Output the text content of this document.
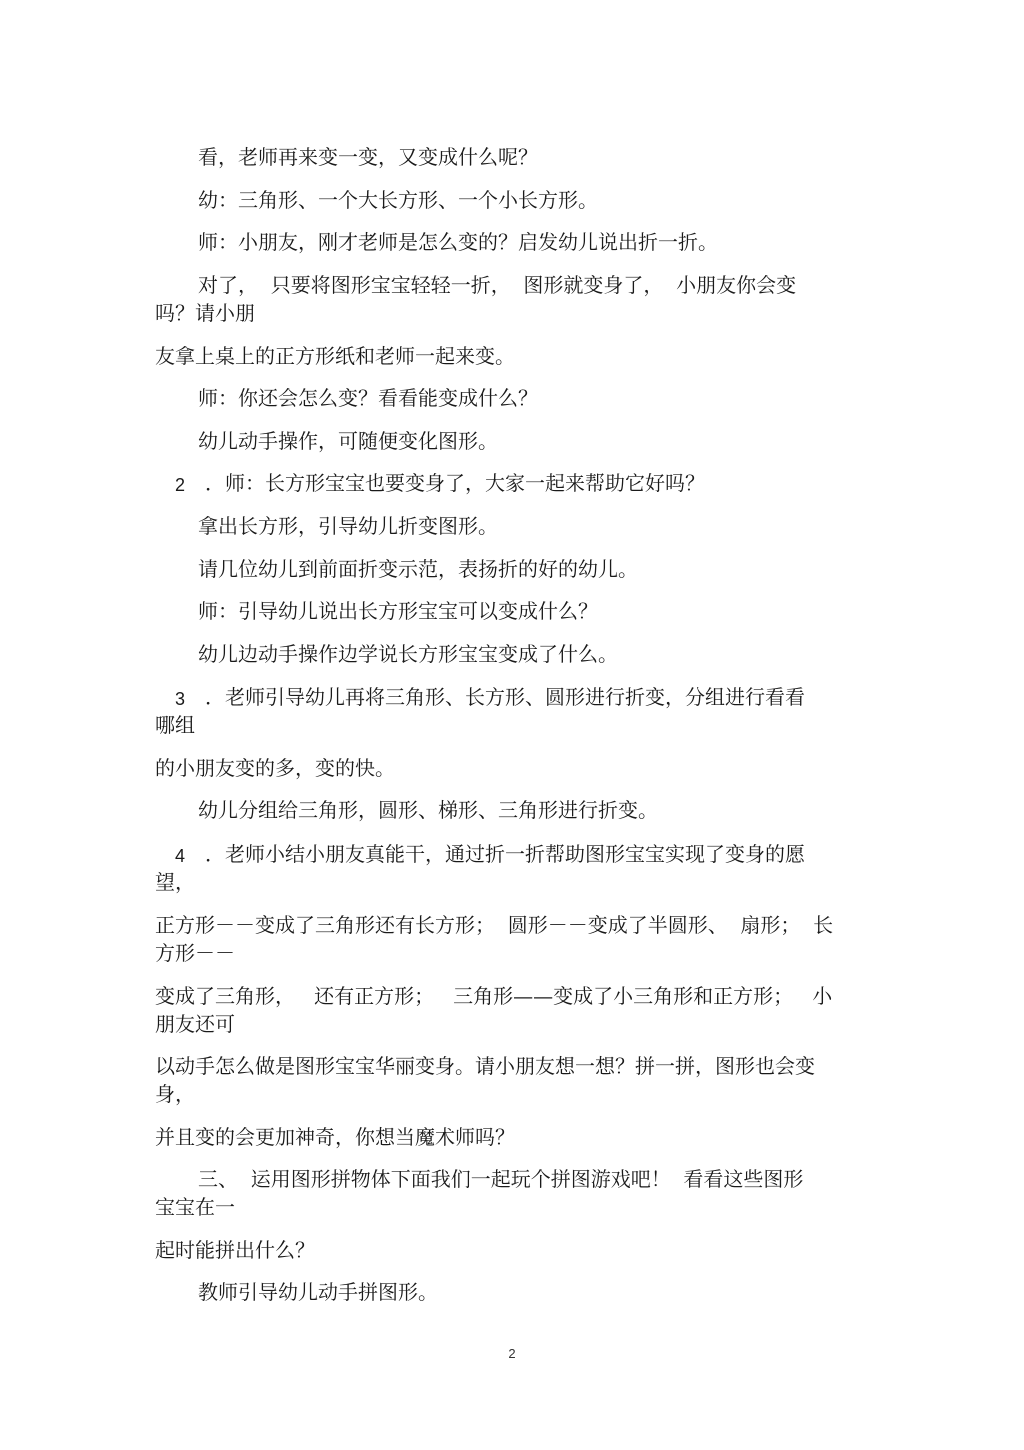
看，老师再来变一变，又变成什么呢？
幼：三角形、一个大长方形、一个小长方形。
师：小朋友，刚才老师是怎么变的？启发幼儿说出折一折。
对了，  只要将图形宝宝轻轻一折，  图形就变身了，  小朋友你会变
吗？请小朋
友拿上桌上的正方形纸和老师一起来变。
师：你还会怎么变？看看能变成什么？
幼儿动手操作，可随便变化图形。
2 ．师：长方形宝宝也要变身了，大家一起来帮助它好吗？
拿出长方形，引导幼儿折变图形。
请几位幼儿到前面折变示范，表扬折的好的幼儿。
师：引导幼儿说出长方形宝宝可以变成什么？
幼儿边动手操作边学说长方形宝宝变成了什么。
3 ．老师引导幼儿再将三角形、长方形、圆形进行折变，分组进行看看
哪组
的小朋友变的多，变的快。
幼儿分组给三角形，圆形、梯形、三角形进行折变。
4 ．老师小结小朋友真能干，通过折一折帮助图形宝宝实现了变身的愿
望，
正方形－－变成了三角形还有长方形；  圆形－－变成了半圆形、  扇形；  长
方形－－
变成了三角形，   还有正方形；   三角形——变成了小三角形和正方形；   小
朋友还可
以动手怎么做是图形宝宝华丽变身。请小朋友想一想？拼一拼，图形也会变
身，
并且变的会更加神奇，你想当魔术师吗？
三、  运用图形拼物体下面我们一起玩个拼图游戏吧！  看看这些图形
宝宝在一
起时能拼出什么？
教师引导幼儿动手拼图形。
2
